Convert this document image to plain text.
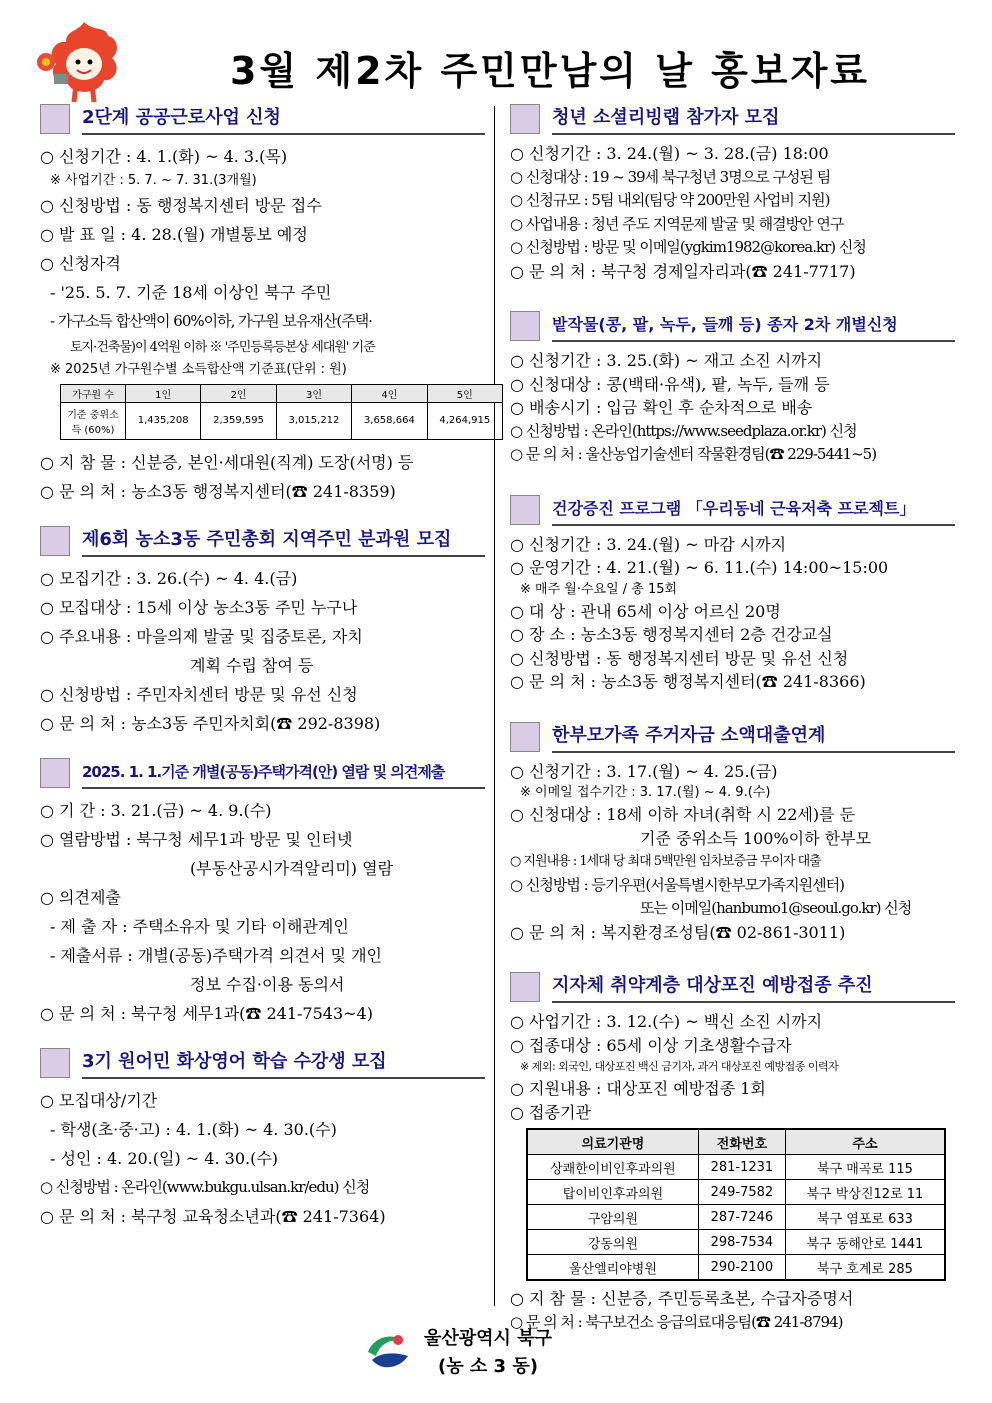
3월 제2차 주민만남의 날 홍보자료
2단계 공공근로사업 신청
○ 신청기간 : 4. 1.(화) ~ 4. 3.(목)
※ 사업기간 : 5. 7. ~ 7. 31.(3개월)
○ 신청방법 : 동 행정복지센터 방문 접수
○ 발 표 일 : 4. 28.(월) 개별통보 예정
○ 신청자격
- '25. 5. 7. 기준 18세 이상인 북구 주민
- 가구소득 합산액이 60%이하, 가구원 보유재산(주택·
토지·건축물)이 4억원 이하 ※ '주민등록등본상 세대원' 기준
※ 2025년 가구원수별 소득합산액 기준표(단위 : 원)
가구원 수	1인	2인	3인	4인	5인
기준 중위소득 (60%)	1,435,208	2,359,595	3,015,212	3,658,664	4,264,915
○ 지 참 물 : 신분증, 본인·세대원(직계) 도장(서명) 등
○ 문 의 처 : 농소3동 행정복지센터(☎ 241-8359)
제6회 농소3동 주민총회 지역주민 분과원 모집
○ 모집기간 : 3. 26.(수) ~ 4. 4.(금)
○ 모집대상 : 15세 이상 농소3동 주민 누구나
○ 주요내용 : 마을의제 발굴 및 집중토론, 자치
계획 수립 참여 등
○ 신청방법 : 주민자치센터 방문 및 유선 신청
○ 문 의 처 : 농소3동 주민자치회(☎ 292-8398)
2025. 1. 1.기준 개별(공동)주택가격(안) 열람 및 의견제출
○ 기 간 : 3. 21.(금) ~ 4. 9.(수)
○ 열람방법 : 북구청 세무1과 방문 및 인터넷
(부동산공시가격알리미) 열람
○ 의견제출
- 제 출 자 : 주택소유자 및 기타 이해관계인
- 제출서류 : 개별(공동)주택가격 의견서 및 개인
정보 수집·이용 동의서
○ 문 의 처 : 북구청 세무1과(☎ 241-7543~4)
3기 원어민 화상영어 학습 수강생 모집
○ 모집대상/기간
- 학생(초·중·고) : 4. 1.(화) ~ 4. 30.(수)
- 성인 : 4. 20.(일) ~ 4. 30.(수)
○ 신청방법 : 온라인(www.bukgu.ulsan.kr/edu) 신청
○ 문 의 처 : 북구청 교육청소년과(☎ 241-7364)
청년 소셜리빙랩 참가자 모집
○ 신청기간 : 3. 24.(월) ~ 3. 28.(금) 18:00
○ 신청대상 : 19 ~ 39세 북구청년 3명으로 구성된 팀
○ 신청규모 : 5팀 내외(팀당 약 200만원 사업비 지원)
○ 사업내용 : 청년 주도 지역문제 발굴 및 해결방안 연구
○ 신청방법 : 방문 및 이메일(ygkim1982@korea.kr) 신청
○ 문 의 처 : 북구청 경제일자리과(☎ 241-7717)
밭작물(콩, 팥, 녹두, 들깨 등) 종자 2차 개별신청
○ 신청기간 : 3. 25.(화) ~ 재고 소진 시까지
○ 신청대상 : 콩(백태·유색), 팥, 녹두, 들깨 등
○ 배송시기 : 입금 확인 후 순차적으로 배송
○ 신청방법 : 온라인(https://www.seedplaza.or.kr) 신청
○ 문 의 처 : 울산농업기술센터 작물환경팀(☎ 229-5441~5)
건강증진 프로그램 「우리동네 근육저축 프로젝트」
○ 신청기간 : 3. 24.(월) ~ 마감 시까지
○ 운영기간 : 4. 21.(월) ~ 6. 11.(수) 14:00~15:00
※ 매주 월·수요일 / 총 15회
○ 대 상 : 관내 65세 이상 어르신 20명
○ 장 소 : 농소3동 행정복지센터 2층 건강교실
○ 신청방법 : 동 행정복지센터 방문 및 유선 신청
○ 문 의 처 : 농소3동 행정복지센터(☎ 241-8366)
한부모가족 주거자금 소액대출연계
○ 신청기간 : 3. 17.(월) ~ 4. 25.(금)
※ 이메일 접수기간 : 3. 17.(월) ~ 4. 9.(수)
○ 신청대상 : 18세 이하 자녀(취학 시 22세)를 둔
기준 중위소득 100%이하 한부모
○ 지원내용 : 1세대 당 최대 5백만원 임차보증금 무이자 대출
○ 신청방법 : 등기우편(서울특별시한부모가족지원센터)
또는 이메일(hanbumo1@seoul.go.kr) 신청
○ 문 의 처 : 복지환경조성팀(☎ 02-861-3011)
지자체 취약계층 대상포진 예방접종 추진
○ 사업기간 : 3. 12.(수) ~ 백신 소진 시까지
○ 접종대상 : 65세 이상 기초생활수급자
※ 제외: 외국인, 대상포진 백신 금기자, 과거 대상포진 예방접종 이력자
○ 지원내용 : 대상포진 예방접종 1회
○ 접종기관
의료기관명	전화번호	주소
상쾌한이비인후과의원	281-1231	북구 매곡로 115
탑이비인후과의원	249-7582	북구 박상진12로 11
구암의원	287-7246	북구 염포로 633
강동의원	298-7534	북구 동해안로 1441
울산엘리야병원	290-2100	북구 호계로 285
○ 지 참 물 : 신분증, 주민등록초본, 수급자증명서
○ 문 의 처 : 북구보건소 응급의료대응팀(☎ 241-8794)
울산광역시 북구
(농 소 3 동)
